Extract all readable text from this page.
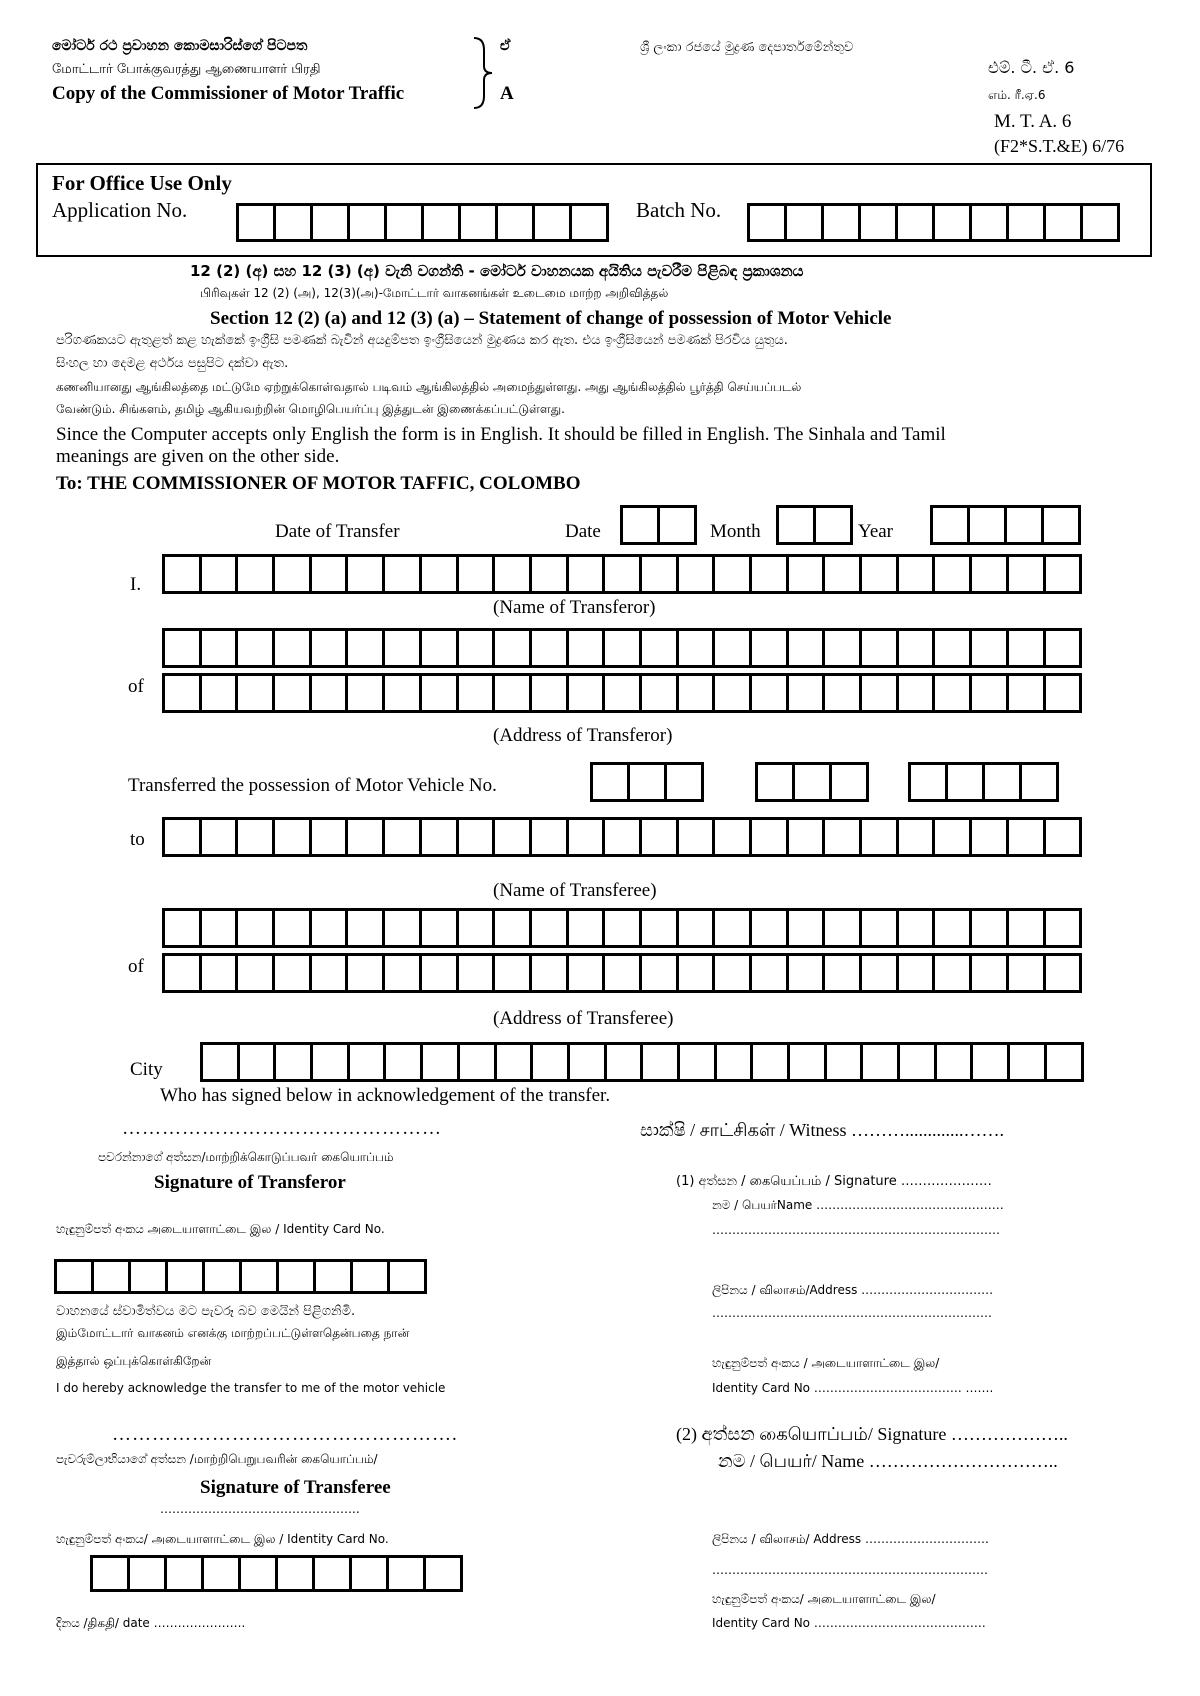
මෝටර් රථ ප්‍රවාහන කොමසාරිස්ගේ පිටපත
மோட்டார் போக்குவரத்து ஆணையாளர் பிரதி
Copy of the Commissioner of Motor Traffic
ඒ
A
ශ්‍රී ලංකා රජයේ මුද්‍රණ දෙපාර්තමේන්තුව
එම්. ටී. ඒ. 6
எம். ரீ.ஏ.6
M. T. A. 6
(F2*S.T.&E) 6/76
For Office Use Only
Application No.	Batch No.
12 (2) (අ) සහ 12 (3) (අ) වැනි වගන්ති - මෝටර් වාහනයක අයිතිය පැවරීම පිළිබඳ ප්‍රකාශනය
பிரிவுகள் 12 (2) (அ), 12(3)(அ)-மோட்டார் வாகனங்கள் உடைமை மாற்ற அறிவித்தல்
Section 12 (2) (a) and 12 (3) (a) – Statement of change of possession of Motor Vehicle
පරිගණකයට ඇතුළත් කළ හැක්කේ ඉංග්‍රීසි පමණක් බැවින් අයදුම්පත ඉංග්‍රීසියෙන් මුද්‍රණය කර ඇත. එය ඉංග්‍රීසියෙන් පමණක් පිරවිය යුතුය.
සිංහල හා දෙමළ අර්ථය පසුපිට දක්වා ඇත.
கணனியானது ஆங்கிலத்தை மட்டுமே ஏற்றுக்கொள்வதால் படிவம் ஆங்கிலத்தில் அமைந்துள்ளது. அது ஆங்கிலத்தில் பூர்த்தி செய்யப்படல்
வேண்டும். சிங்களம், தமிழ் ஆகியவற்றின் மொழிபெயர்ப்பு இத்துடன் இணைக்கப்பட்டுள்ளது.
Since the Computer accepts only English the form is in English. It should be filled in English. The Sinhala and Tamil
meanings are given on the other side.
To: THE COMMISSIONER OF MOTOR TAFFIC, COLOMBO
Date of Transfer	Date	Month	Year
I.
(Name of Transferor)
of
(Address of Transferor)
Transferred the possession of Motor Vehicle No.
to
(Name of Transferee)
of
(Address of Transferee)
City
Who has signed below in acknowledgement of the transfer.
…………………………………………
පවරන්නාගේ අත්සන/மாற்றிக்கொடுப்பவர் கையொப்பம்
Signature of Transferor
හැඳුනුම්පත් අංකය அடையாளாட்டை இல / Identity Card No.
වාහනයේ ස්වාමිත්වය මට පැවරූ බව මෙයින් පිළිගනිමි.
இம்மோட்டார் வாகனம் எனக்கு மாற்றப்பட்டுள்ளதென்பதை நான்
இத்தால் ஒப்புக்கொள்கிறேன்
I do hereby acknowledge the transfer to me of the motor vehicle
…………………………………………….
පැවරුම්ලාභියාගේ අත්සන /மாற்றிபெறுபவரின் கையொப்பம்/
Signature of Transferee
…………………………………………..
හැඳුනුම්පත් අංකය/ அடையாளாட்டை இல / Identity Card No.
දිනය /திகதி/ date …………………..
සාක්ෂි / சாட்சிகள் / Witness ……….............…….
(1) අත්සන / கையெப்பம் / Signature …………………
නම / பெயர்Name ………………………………..………
………………………………………………………………
ලිපිනය / விலாசம்/Address ……………………………
…………………………………………………………….
හැඳුනුම්පත් අංකය / அடையாளாட்டை இல/
Identity Card No ………………………………. …….
(2) අත්සන கையொப்பம்/ Signature ………………..
නම / பெயர்/ Name …………………………..
ලිපිනය / விலாசம்/ Address ………………………….
……………………………………………………………
හැඳුනුම්පත් අංකය/ அடையாளாட்டை இல/
Identity Card No …………………………………….
